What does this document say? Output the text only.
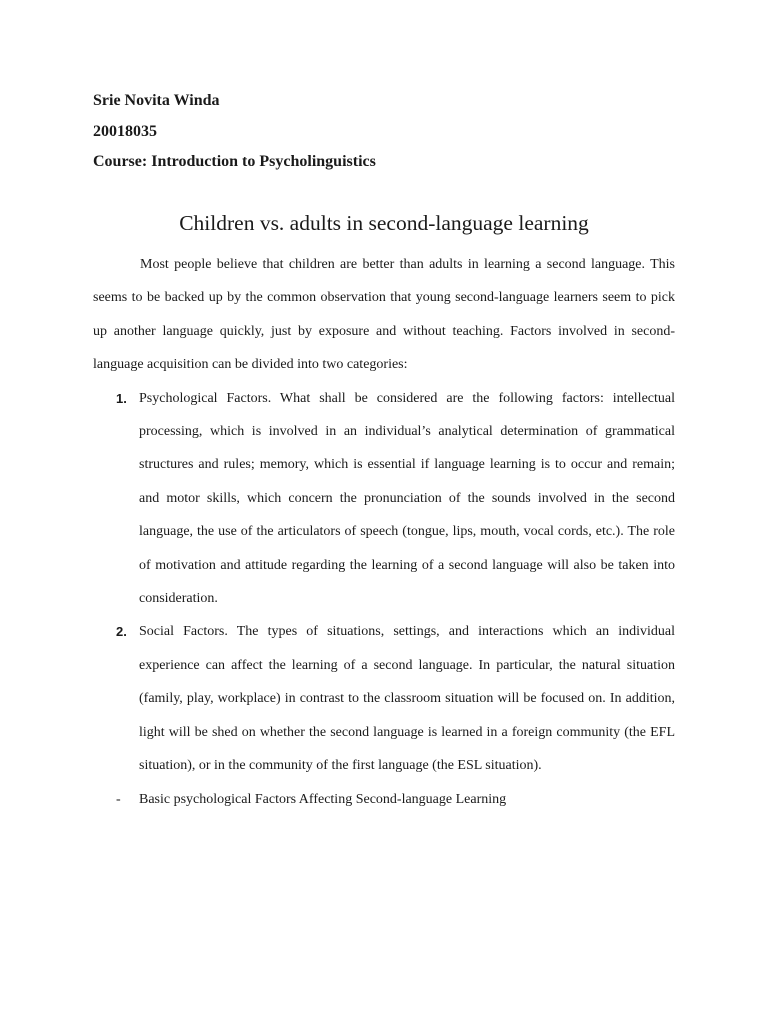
Srie Novita Winda
20018035
Course: Introduction to Psycholinguistics
Children vs. adults in second-language learning

Most people believe that children are better than adults in learning a second language. This seems to be backed up by the common observation that young second-language learners seem to pick up another language quickly, just by exposure and without teaching. Factors involved in second-language acquisition can be divided into two categories:

1. Psychological Factors. What shall be considered are the following factors: intellectual processing, which is involved in an individual’s analytical determination of grammatical structures and rules; memory, which is essential if language learning is to occur and remain; and motor skills, which concern the pronunciation of the sounds involved in the second language, the use of the articulators of speech (tongue, lips, mouth, vocal cords, etc.). The role of motivation and attitude regarding the learning of a second language will also be taken into consideration.
2. Social Factors. The types of situations, settings, and interactions which an individual experience can affect the learning of a second language. In particular, the natural situation (family, play, workplace) in contrast to the classroom situation will be focused on. In addition, light will be shed on whether the second language is learned in a foreign community (the EFL situation), or in the community of the first language (the ESL situation).
- Basic psychological Factors Affecting Second-language Learning
